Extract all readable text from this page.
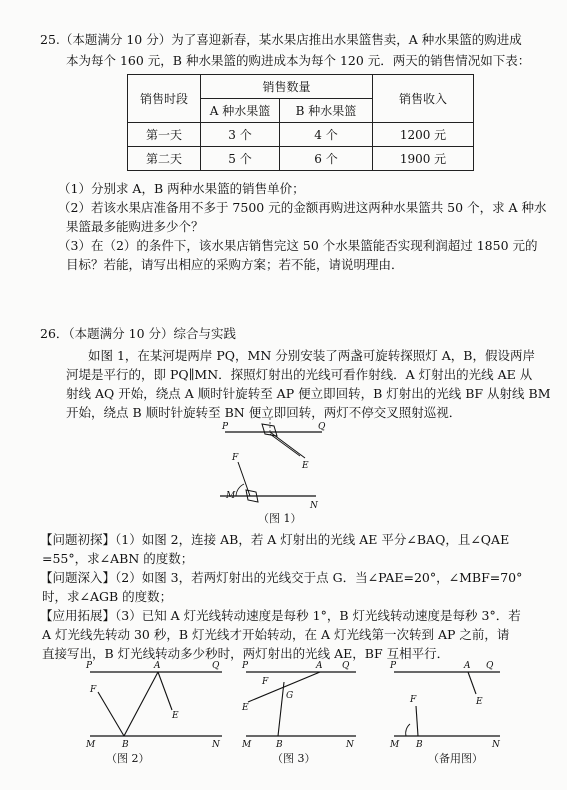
25.（本题满分 10 分）为了喜迎新春，某水果店推出水果篮售卖，A 种水果篮的购进成
本为每个 160 元，B 种水果篮的购进成本为每个 120 元．两天的销售情况如下表：
销售时段	销售数量		销售收入
	A 种水果篮	B 种水果篮	
第一天	3 个	4 个	1200 元
第二天	5 个	6 个	1900 元
（1）分别求 A，B 两种水果篮的销售单价；
（2）若该水果店准备用不多于 7500 元的金额再购进这两种水果篮共 50 个，求 A 种水
果篮最多能购进多少个？
（3）在（2）的条件下，该水果店销售完这 50 个水果篮能否实现利润超过 1850 元的
目标？若能，请写出相应的采购方案；若不能，请说明理由．
26．（本题满分 10 分）综合与实践
如图 1，在某河堤两岸 PQ，MN 分别安装了两盏可旋转探照灯 A，B，假设两岸
河堤是平行的，即 PQ∥MN．探照灯射出的光线可看作射线．A 灯射出的光线 AE 从
射线 AQ 开始，绕点 A 顺时针旋转至 AP 便立即回转，B 灯射出的光线 BF 从射线 BM
开始，绕点 B 顺时针旋转至 BN 便立即回转，两灯不停交叉照射巡视．
P	Q
E
F
M
N
（图 1）
【问题初探】（1）如图 2，连接 AB，若 A 灯射出的光线 AE 平分∠BAQ，且∠QAE
=55°，求∠ABN 的度数；
【问题深入】（2）如图 3，若两灯射出的光线交于点 G．当∠PAE=20°，∠MBF=70°
时，求∠AGB 的度数；
【应用拓展】（3）已知 A 灯光线转动速度是每秒 1°，B 灯光线转动速度是每秒 3°．若
A 灯光线先转动 30 秒，B 灯光线才开始转动，在 A 灯光线第一次转到 AP 之前，请
直接写出，B 灯光线转动多少秒时，两灯射出的光线 AE，BF 互相平行．
P	A	Q
F
E
M	B	N
（图 2）
P	A Q
F
G
E
M	B	N
（图 3）
P	A Q
F	E
M B	N
（备用图）
